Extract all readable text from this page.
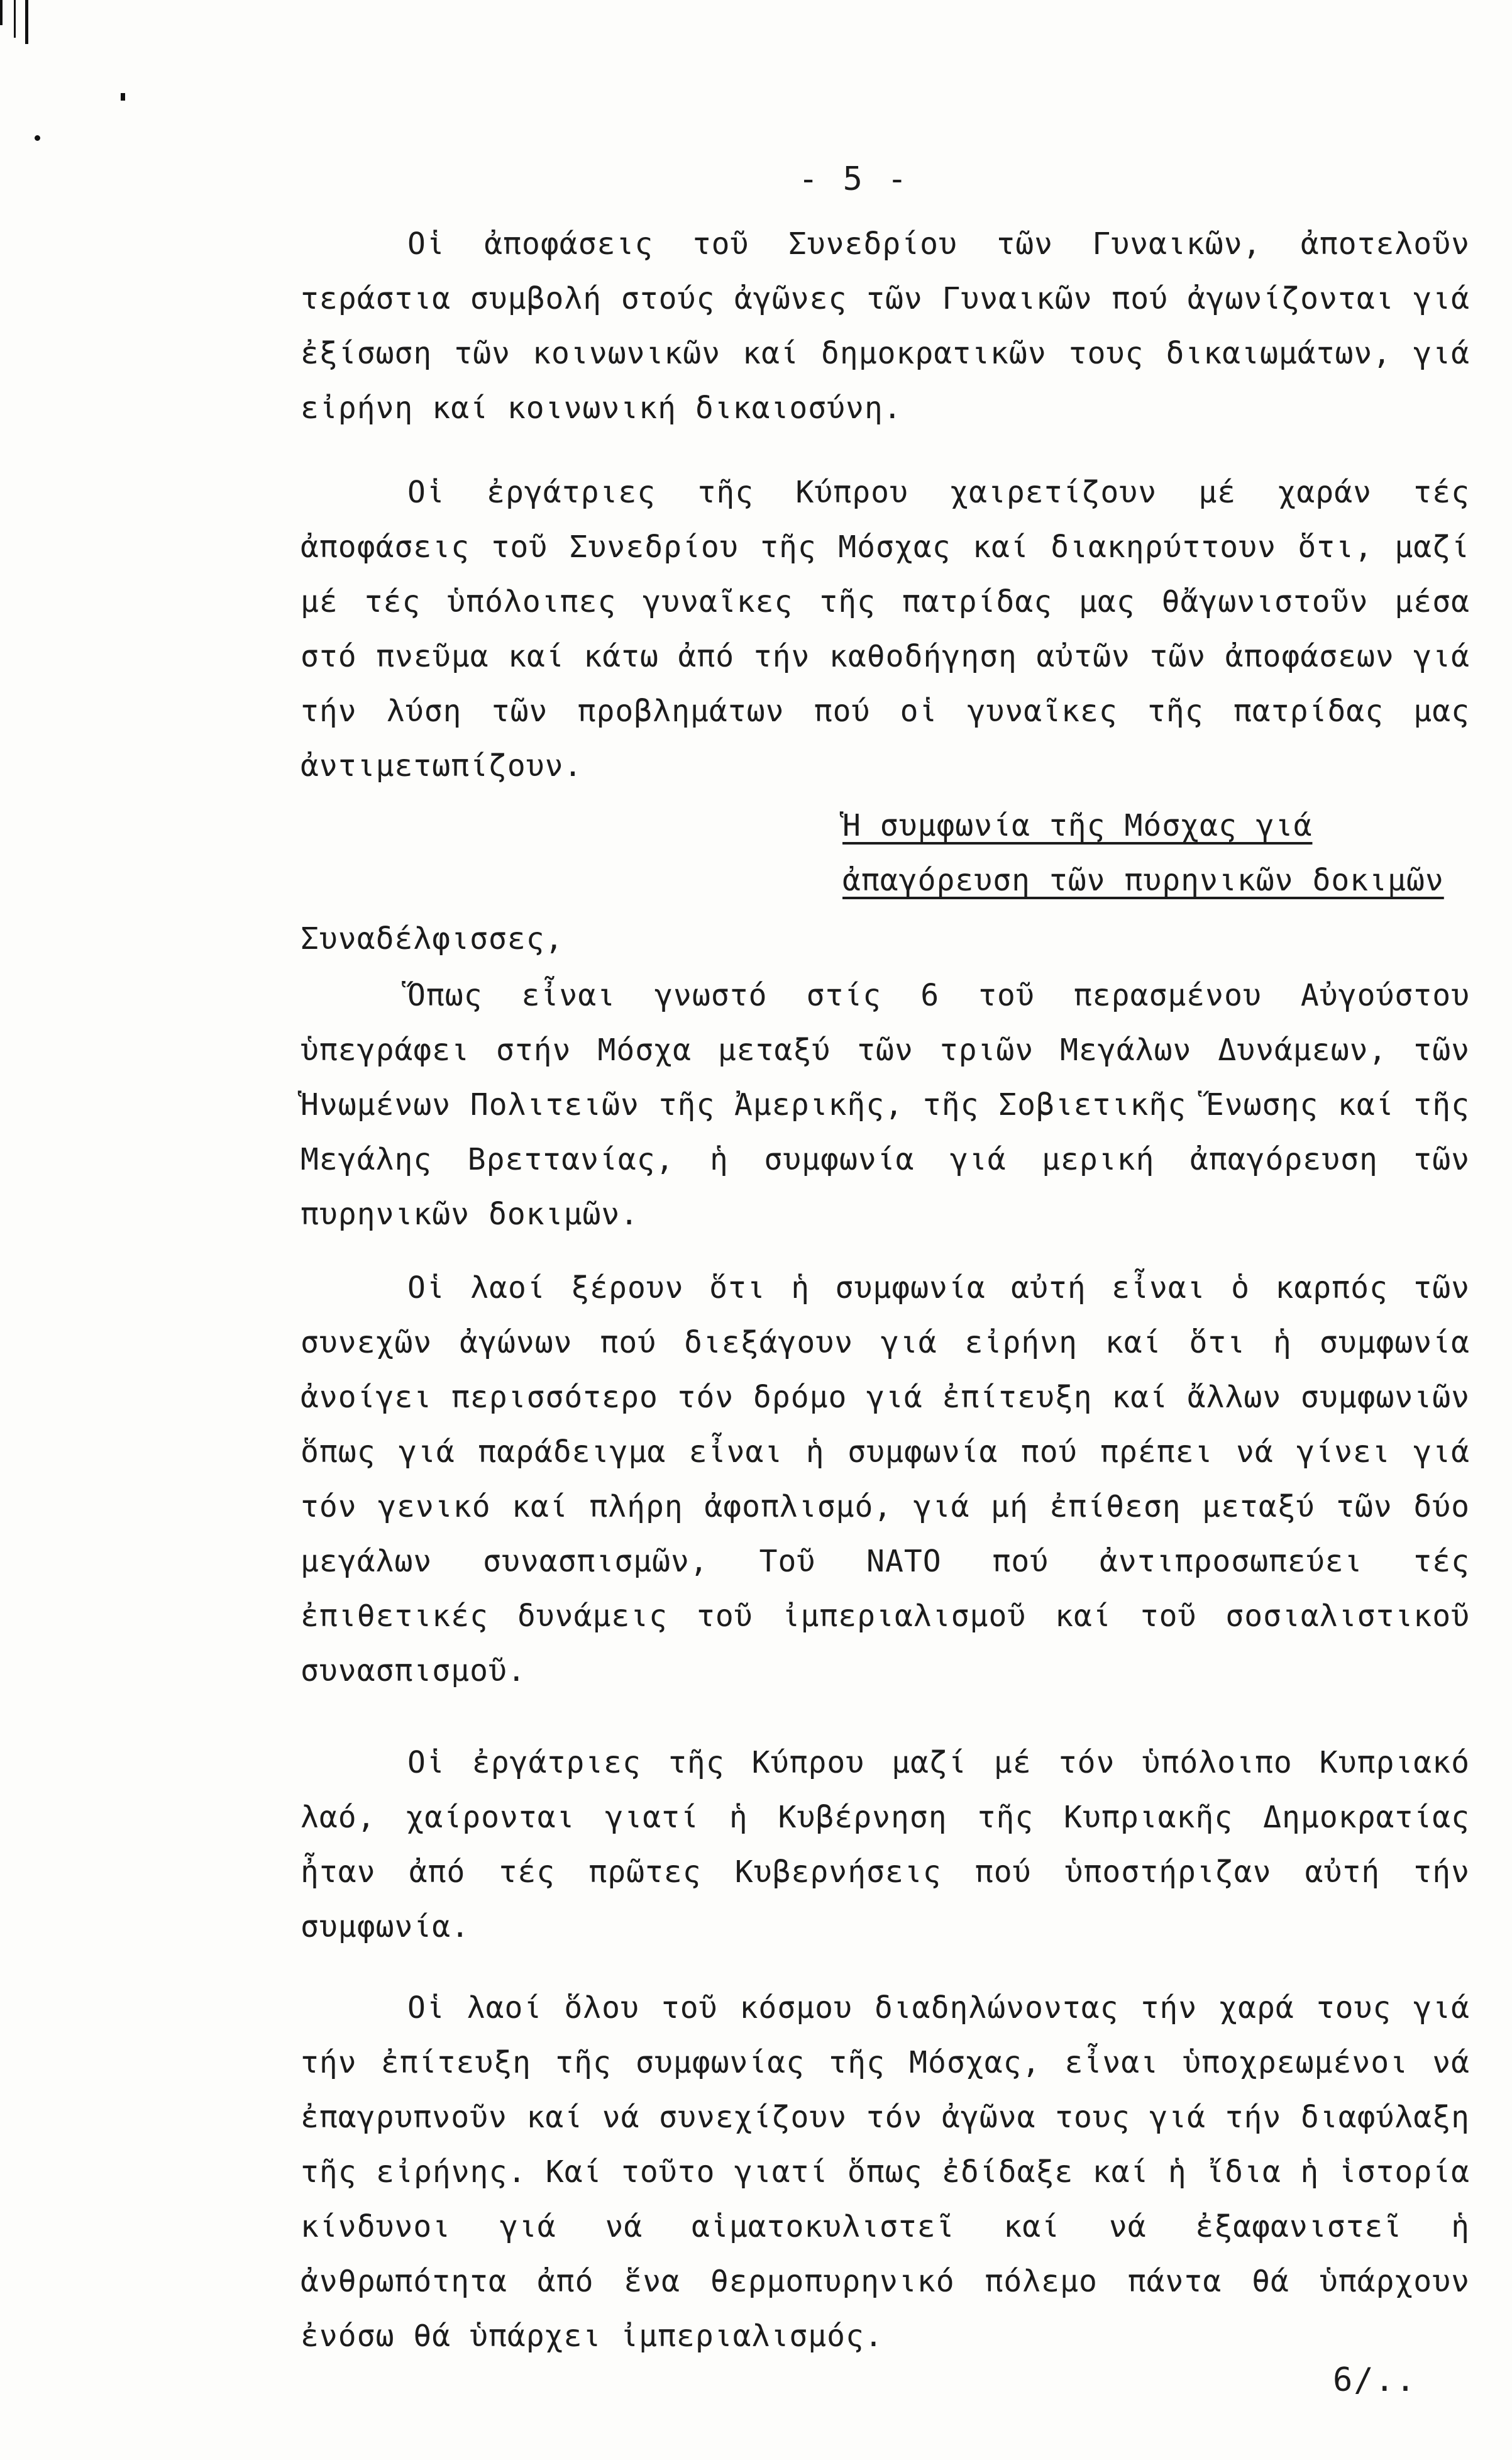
- 5 -

Οἱ ἀποφάσεις τοῦ Συνεδρίου τῶν Γυναικῶν, ἀποτελοῦν τεράστια συμβολή στούς ἀγῶνες τῶν Γυναικῶν πού ἀγωνίζονται γιά ἐξίσωση τῶν κοινωνικῶν καί δημοκρατικῶν τους δικαιωμάτων, γιά εἰρήνη καί κοινωνική δικαιοσύνη.

Οἱ ἐργάτριες τῆς Κύπρου χαιρετίζουν μέ χαράν τές ἀποφάσεις τοῦ Συνεδρίου τῆς Μόσχας καί διακηρύττουν ὅτι, μαζί μέ τές ὑπόλοιπες γυναῖκες τῆς πατρίδας μας θἄγωνιστοῦν μέσα στό πνεῦμα καί κάτω ἀπό τήν καθοδήγηση αὐτῶν τῶν ἀποφάσεων γιά τήν λύση τῶν προβλημάτων πού οἱ γυναῖκες τῆς πατρίδας μας ἀντιμετωπίζουν.

Ἡ συμφωνία τῆς Μόσχας γιά
ἀπαγόρευση τῶν πυρηνικῶν δοκιμῶν
Συναδέλφισσες,

Ὅπως εἶναι γνωστό στίς 6 τοῦ περασμένου Αὐγούστου ὑπεγράφει στήν Μόσχα μεταξύ τῶν τριῶν Μεγάλων Δυνάμεων, τῶν Ἡνωμένων Πολιτειῶν τῆς Ἀμερικῆς, τῆς Σοβιετικῆς Ἕνωσης καί τῆς Μεγάλης Βρεττανίας, ἡ συμφωνία γιά μερική ἀπαγόρευση τῶν πυρηνικῶν δοκιμῶν.

Οἱ λαοί ξέρουν ὅτι ἡ συμφωνία αὐτή εἶναι ὁ καρπός τῶν συνεχῶν ἀγώνων πού διεξάγουν γιά εἰρήνη καί ὅτι ἡ συμφωνία ἀνοίγει περισσότερο τόν δρόμο γιά ἐπίτευξη καί ἄλλων συμφωνιῶν ὅπως γιά παράδειγμα εἶναι ἡ συμφωνία πού πρέπει νά γίνει γιά τόν γενικό καί πλήρη ἀφοπλισμό, γιά μή ἐπίθεση μεταξύ τῶν δύο μεγάλων συνασπισμῶν, Τοῦ ΝΑΤΟ πού ἀντιπροσωπεύει τές ἐπιθετικές δυνάμεις τοῦ ἰμπεριαλισμοῦ καί τοῦ σοσιαλιστικοῦ συνασπισμοῦ.

Οἱ ἐργάτριες τῆς Κύπρου μαζί μέ τόν ὑπόλοιπο Κυπριακό λαό, χαίρονται γιατί ἡ Κυβέρνηση τῆς Κυπριακῆς Δημοκρατίας ἦταν ἀπό τές πρῶτες Κυβερνήσεις πού ὑποστήριζαν αὐτή τήν συμφωνία.

Οἱ λαοί ὅλου τοῦ κόσμου διαδηλώνοντας τήν χαρά τους γιά τήν ἐπίτευξη τῆς συμφωνίας τῆς Μόσχας, εἶναι ὑποχρεωμένοι νά ἐπαγρυπνοῦν καί νά συνεχίζουν τόν ἀγῶνα τους γιά τήν διαφύλαξη τῆς εἰρήνης. Καί τοῦτο γιατί ὅπως ἐδίδαξε καί ἡ ἴδια ἡ ἱστορία κίνδυνοι γιά νά αἱματοκυλιστεῖ καί νά ἐξαφανιστεῖ ἡ ἀνθρωπότητα ἀπό ἕνα θερμοπυρηνικό πόλεμο πάντα θά ὑπάρχουν ἐνόσω θά ὑπάρχει ἰμπεριαλισμός.

6/..
